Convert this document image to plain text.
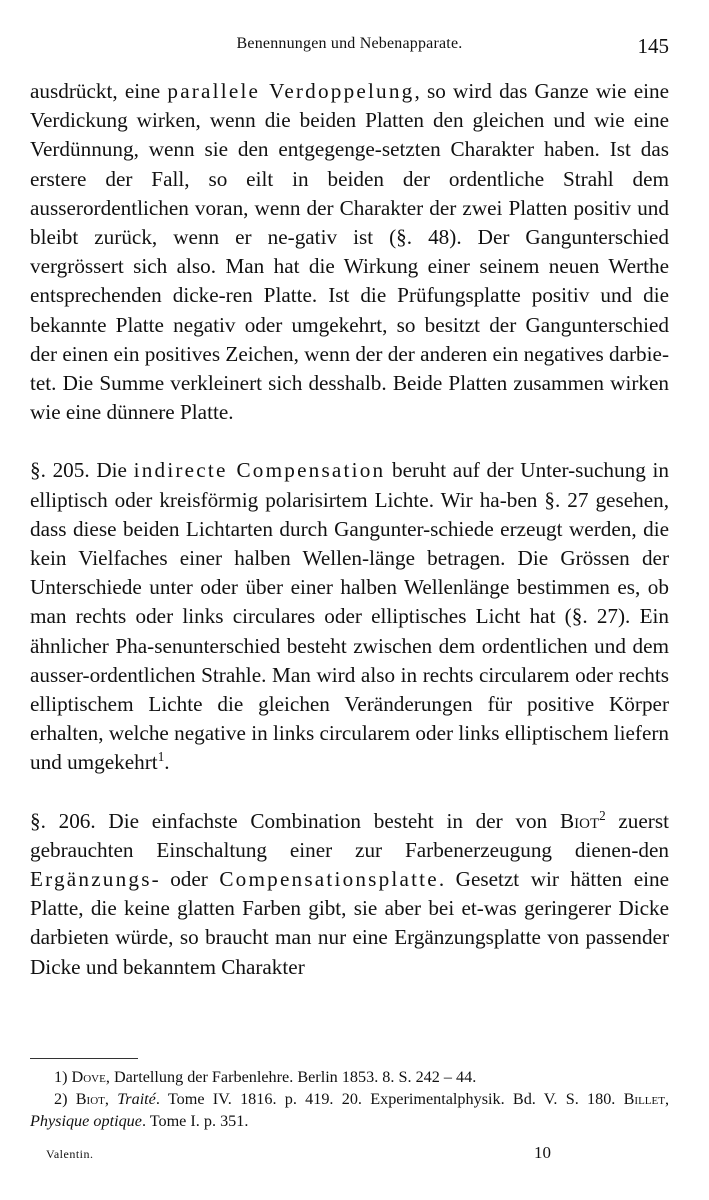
Benennungen und Nebenapparate.	145

ausdrückt, eine parallele Verdoppelung, so wird das Ganze wie eine Verdickung wirken, wenn die beiden Platten den gleichen und wie eine Verdünnung, wenn sie den entgegenge-setzten Charakter haben. Ist das erstere der Fall, so eilt in beiden der ordentliche Strahl dem ausserordentlichen voran, wenn der Charakter der zwei Platten positiv und bleibt zurück, wenn er ne-gativ ist (§. 48). Der Gangunterschied vergrössert sich also. Man hat die Wirkung einer seinem neuen Werthe entsprechenden dicke-ren Platte. Ist die Prüfungsplatte positiv und die bekannte Platte negativ oder umgekehrt, so besitzt der Gangunterschied der einen ein positives Zeichen, wenn der der anderen ein negatives darbie-tet. Die Summe verkleinert sich desshalb. Beide Platten zusammen wirken wie eine dünnere Platte.

§. 205. Die indirecte Compensation beruht auf der Unter-suchung in elliptisch oder kreisförmig polarisirtem Lichte. Wir ha-ben §. 27 gesehen, dass diese beiden Lichtarten durch Gangunter-schiede erzeugt werden, die kein Vielfaches einer halben Wellen-länge betragen. Die Grössen der Unterschiede unter oder über einer halben Wellenlänge bestimmen es, ob man rechts oder links circulares oder elliptisches Licht hat (§. 27). Ein ähnlicher Pha-senunterschied besteht zwischen dem ordentlichen und dem ausser-ordentlichen Strahle. Man wird also in rechts circularem oder rechts elliptischem Lichte die gleichen Veränderungen für positive Körper erhalten, welche negative in links circularem oder links elliptischem liefern und umgekehrt$^1$.

§. 206. Die einfachste Combination besteht in der von Biot$^2$ zuerst gebrauchten Einschaltung einer zur Farbenerzeugung dienen-den Ergänzungs- oder Compensationsplatte. Gesetzt wir hätten eine Platte, die keine glatten Farben gibt, sie aber bei et-was geringerer Dicke darbieten würde, so braucht man nur eine Ergänzungsplatte von passender Dicke und bekanntem Charakter

1) Dove, Dartellung der Farbenlehre. Berlin 1853. 8. S. 242 – 44.

2) Biot, Traité. Tome IV. 1816. p. 419. 20. Experimentalphysik. Bd. V. S. 180. Billet, Physique optique. Tome I. p. 351.

Valentin.	10
